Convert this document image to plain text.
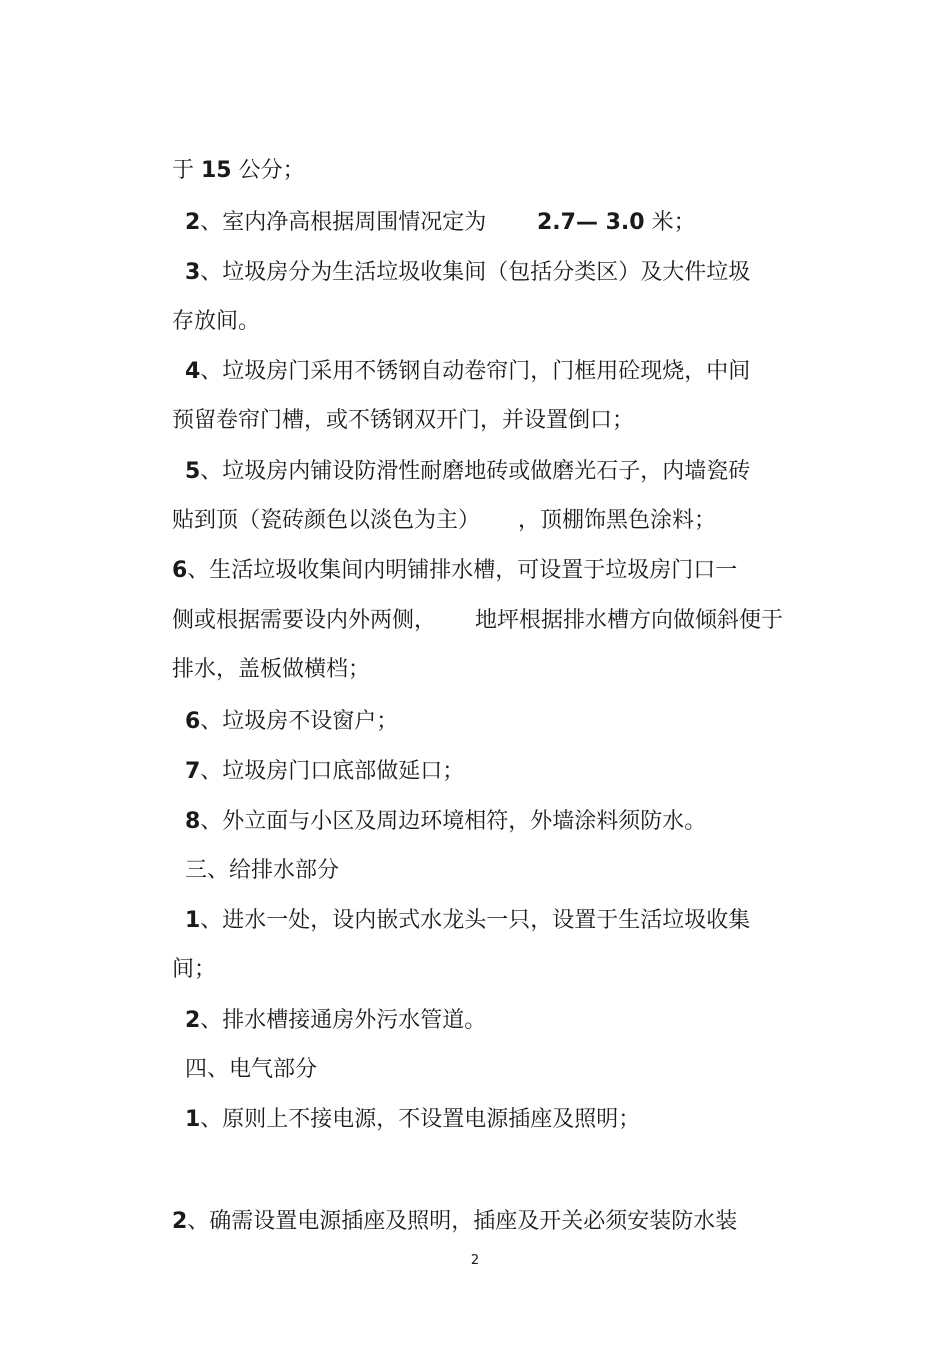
于 15 公分；

2、室内净高根据周围情况定为
	2.7— 3.0 米；

3、垃圾房分为生活垃圾收集间（包括分类区）及大件垃圾

存放间。

4、垃圾房门采用不锈钢自动卷帘门，门框用砼现烧，中间

预留卷帘门槽，或不锈钢双开门，并设置倒口；

5、垃圾房内铺设防滑性耐磨地砖或做磨光石子，内墙瓷砖

贴到顶（瓷砖颜色以淡色为主）
	，顶棚饰黑色涂料；

6、生活垃圾收集间内明铺排水槽，可设置于垃圾房门口一

侧或根据需要设内外两侧，
	地坪根据排水槽方向做倾斜便于

排水，盖板做横档；

6、垃圾房不设窗户；

7、垃圾房门口底部做延口；

8、外立面与小区及周边环境相符，外墙涂料须防水。

三、给排水部分

1、进水一处，设内嵌式水龙头一只，设置于生活垃圾收集

间；

2、排水槽接通房外污水管道。

四、电气部分

1、原则上不接电源，不设置电源插座及照明；

2、确需设置电源插座及照明，插座及开关必须安装防水装

2
